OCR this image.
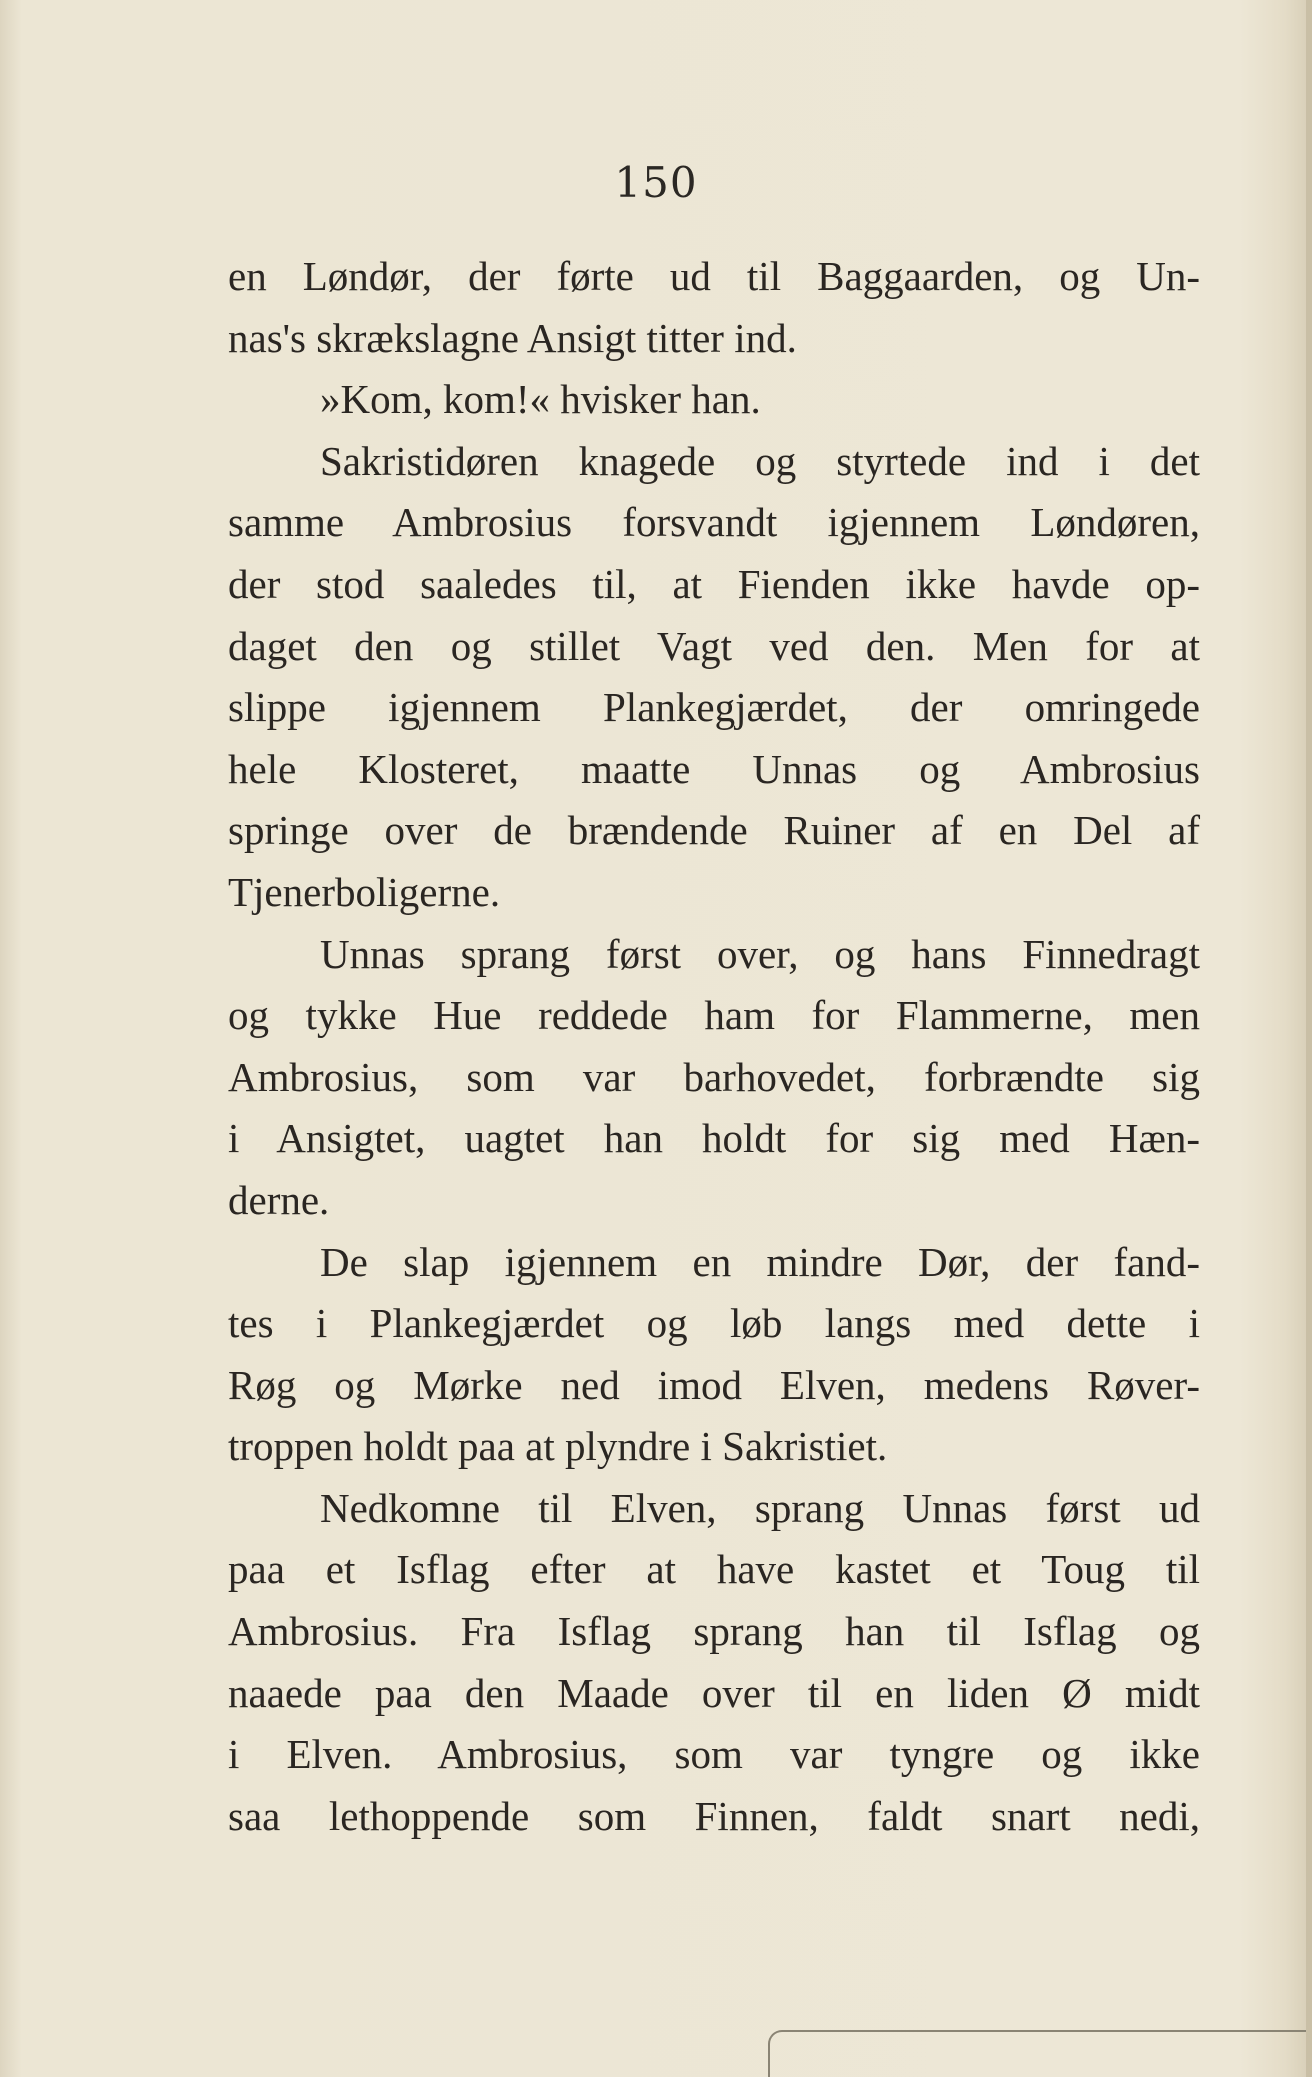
150
en Løndør, der førte ud til Baggaarden, og Un-
nas's skrækslagne Ansigt titter ind.
»Kom, kom!« hvisker han.
Sakristidøren knagede og styrtede ind i det
samme Ambrosius forsvandt igjennem Løndøren,
der stod saaledes til, at Fienden ikke havde op-
daget den og stillet Vagt ved den. Men for at
slippe igjennem Plankegjærdet, der omringede
hele Klosteret, maatte Unnas og Ambrosius
springe over de brændende Ruiner af en Del af
Tjenerboligerne.
Unnas sprang først over, og hans Finnedragt
og tykke Hue reddede ham for Flammerne, men
Ambrosius, som var barhovedet, forbrændte sig
i Ansigtet, uagtet han holdt for sig med Hæn-
derne.
De slap igjennem en mindre Dør, der fand-
tes i Plankegjærdet og løb langs med dette i
Røg og Mørke ned imod Elven, medens Røver-
troppen holdt paa at plyndre i Sakristiet.
Nedkomne til Elven, sprang Unnas først ud
paa et Isflag efter at have kastet et Toug til
Ambrosius. Fra Isflag sprang han til Isflag og
naaede paa den Maade over til en liden Ø midt
i Elven. Ambrosius, som var tyngre og ikke
saa lethoppende som Finnen, faldt snart nedi,
